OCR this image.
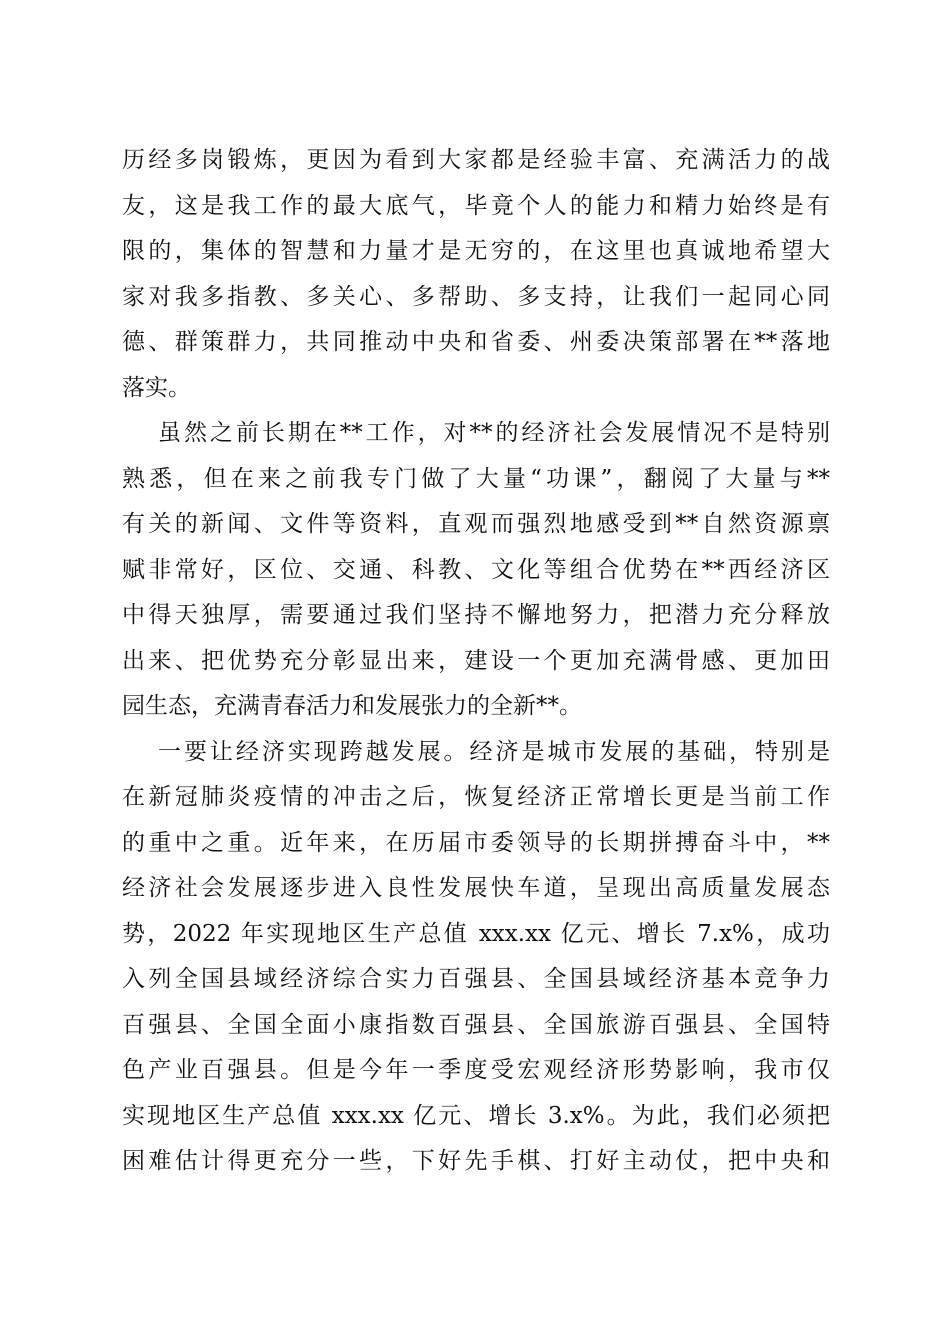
历经多岗锻炼，更因为看到大家都是经验丰富、充满活力的战
友，这是我工作的最大底气，毕竟个人的能力和精力始终是有
限的，集体的智慧和力量才是无穷的，在这里也真诚地希望大
家对我多指教、多关心、多帮助、多支持，让我们一起同心同
德、群策群力，共同推动中央和省委、州委决策部署在**落地
落实。
虽然之前长期在**工作，对**的经济社会发展情况不是特别
熟悉，但在来之前我专门做了大量“功课”，翻阅了大量与**
有关的新闻、文件等资料，直观而强烈地感受到**自然资源禀
赋非常好，区位、交通、科教、文化等组合优势在**西经济区
中得天独厚，需要通过我们坚持不懈地努力，把潜力充分释放
出来、把优势充分彰显出来，建设一个更加充满骨感、更加田
园生态，充满青春活力和发展张力的全新**。
一要让经济实现跨越发展。经济是城市发展的基础，特别是
在新冠肺炎疫情的冲击之后，恢复经济正常增长更是当前工作
的重中之重。近年来，在历届市委领导的长期拼搏奋斗中，**
经济社会发展逐步进入良性发展快车道，呈现出高质量发展态
势，2022 年实现地区生产总值 xxx.xx 亿元、增长 7.x%，成功
入列全国县域经济综合实力百强县、全国县域经济基本竞争力
百强县、全国全面小康指数百强县、全国旅游百强县、全国特
色产业百强县。但是今年一季度受宏观经济形势影响，我市仅
实现地区生产总值 xxx.xx 亿元、增长 3.x%。为此，我们必须把
困难估计得更充分一些，下好先手棋、打好主动仗，把中央和
